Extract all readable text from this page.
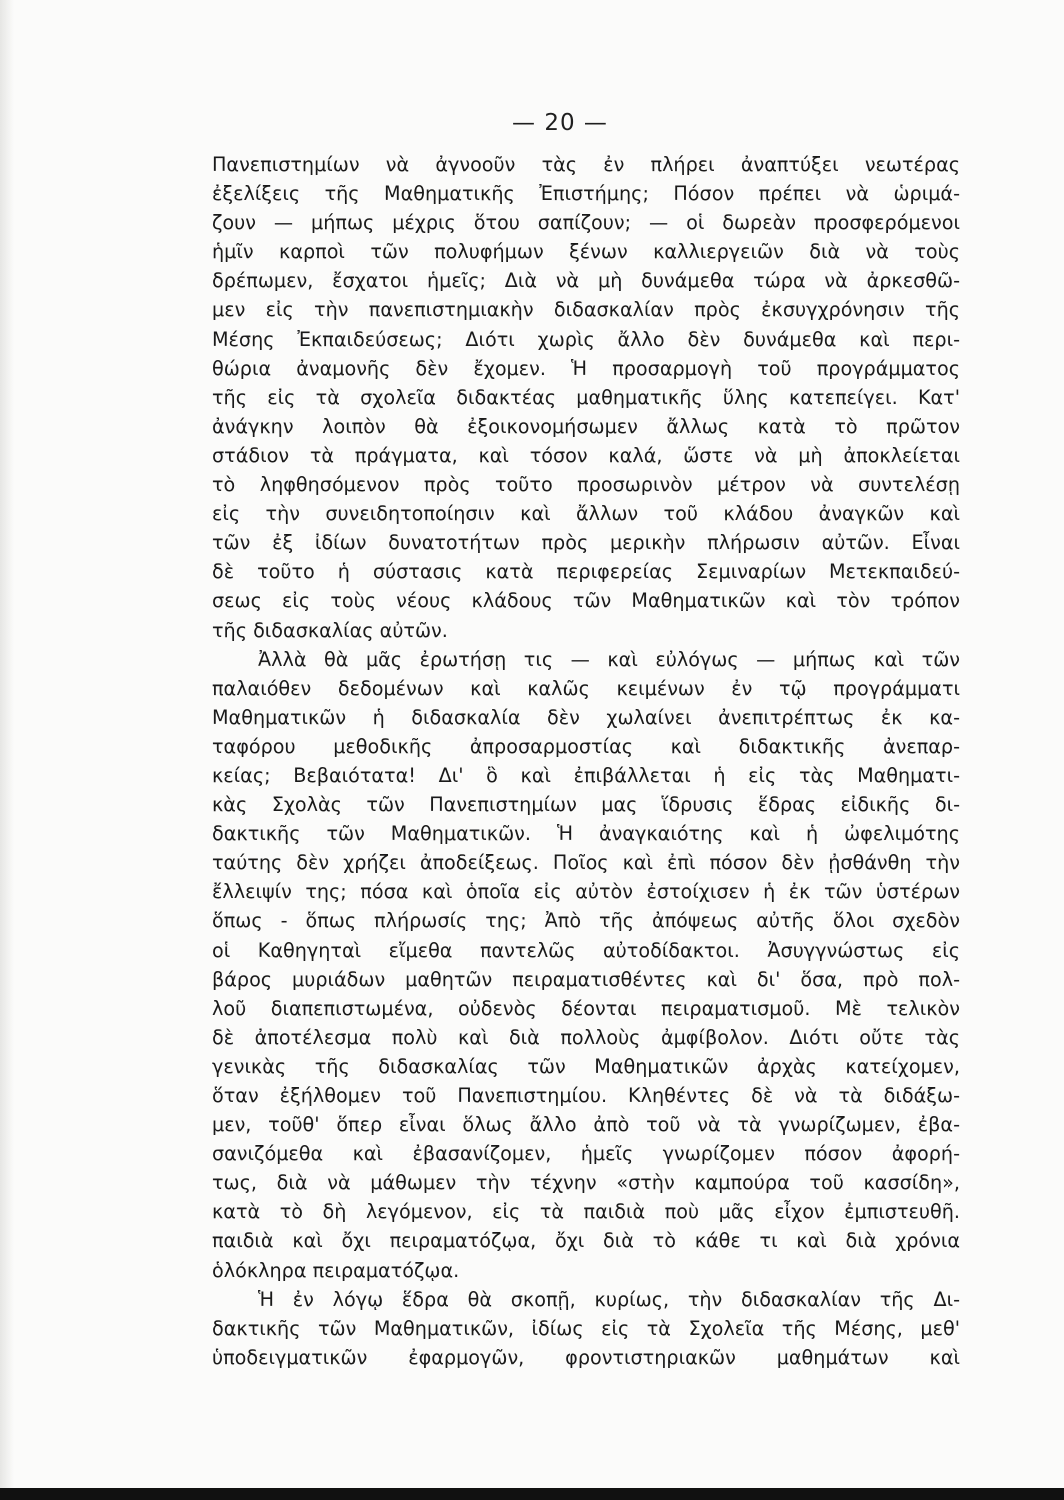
— 20 —
Πανεπιστημίων νὰ ἀγνοοῦν τὰς ἐν πλήρει ἀναπτύξει νεωτέρας
ἐξελίξεις τῆς Μαθηματικῆς Ἐπιστήμης; Πόσον πρέπει νὰ ὡριμά-
ζουν — μήπως μέχρις ὅτου σαπίζουν; — οἱ δωρεὰν προσφερόμενοι
ἡμῖν καρποὶ τῶν πολυφήμων ξένων καλλιεργειῶν διὰ νὰ τοὺς
δρέπωμεν, ἔσχατοι ἡμεῖς; Διὰ νὰ μὴ δυνάμεθα τώρα νὰ ἀρκεσθῶ-
μεν εἰς τὴν πανεπιστημιακὴν διδασκαλίαν πρὸς ἐκσυγχρόνησιν τῆς
Μέσης Ἐκπαιδεύσεως; Διότι χωρὶς ἄλλο δὲν δυνάμεθα καὶ περι-
θώρια ἀναμονῆς δὲν ἔχομεν. Ἡ προσαρμογὴ τοῦ προγράμματος
τῆς εἰς τὰ σχολεῖα διδακτέας μαθηματικῆς ὕλης κατεπείγει. Κατ'
ἀνάγκην λοιπὸν θὰ ἐξοικονομήσωμεν ἄλλως κατὰ τὸ πρῶτον
στάδιον τὰ πράγματα, καὶ τόσον καλά, ὥστε νὰ μὴ ἀποκλείεται
τὸ ληφθησόμενον πρὸς τοῦτο προσωρινὸν μέτρον νὰ συντελέσῃ
εἰς τὴν συνειδητοποίησιν καὶ ἄλλων τοῦ κλάδου ἀναγκῶν καὶ
τῶν ἐξ ἰδίων δυνατοτήτων πρὸς μερικὴν πλήρωσιν αὐτῶν. Εἶναι
δὲ τοῦτο ἡ σύστασις κατὰ περιφερείας Σεμιναρίων Μετεκπαιδεύ-
σεως εἰς τοὺς νέους κλάδους τῶν Μαθηματικῶν καὶ τὸν τρόπον
τῆς διδασκαλίας αὐτῶν.
Ἀλλὰ θὰ μᾶς ἐρωτήσῃ τις — καὶ εὐλόγως — μήπως καὶ τῶν
παλαιόθεν δεδομένων καὶ καλῶς κειμένων ἐν τῷ προγράμματι
Μαθηματικῶν ἡ διδασκαλία δὲν χωλαίνει ἀνεπιτρέπτως ἐκ κα-
ταφόρου μεθοδικῆς ἀπροσαρμοστίας καὶ διδακτικῆς ἀνεπαρ-
κείας; Βεβαιότατα! Δι' ὃ καὶ ἐπιβάλλεται ἡ εἰς τὰς Μαθηματι-
κὰς Σχολὰς τῶν Πανεπιστημίων μας ἵδρυσις ἕδρας εἰδικῆς δι-
δακτικῆς τῶν Μαθηματικῶν. Ἡ ἀναγκαιότης καὶ ἡ ὠφελιμότης
ταύτης δὲν χρήζει ἀποδείξεως. Ποῖος καὶ ἐπὶ πόσον δὲν ᾐσθάνθη τὴν
ἔλλειψίν της; πόσα καὶ ὁποῖα εἰς αὐτὸν ἐστοίχισεν ἡ ἐκ τῶν ὑστέρων
ὅπως - ὅπως πλήρωσίς της; Ἀπὸ τῆς ἀπόψεως αὐτῆς ὅλοι σχεδὸν
οἱ Καθηγηταὶ εἴμεθα παντελῶς αὐτοδίδακτοι. Ἀσυγγνώστως εἰς
βάρος μυριάδων μαθητῶν πειραματισθέντες καὶ δι' ὅσα, πρὸ πολ-
λοῦ διαπεπιστωμένα, οὐδενὸς δέονται πειραματισμοῦ. Μὲ τελικὸν
δὲ ἀποτέλεσμα πολὺ καὶ διὰ πολλοὺς ἀμφίβολον. Διότι οὔτε τὰς
γενικὰς τῆς διδασκαλίας τῶν Μαθηματικῶν ἀρχὰς κατείχομεν,
ὅταν ἐξήλθομεν τοῦ Πανεπιστημίου. Κληθέντες δὲ νὰ τὰ διδάξω-
μεν, τοῦθ' ὅπερ εἶναι ὅλως ἄλλο ἀπὸ τοῦ νὰ τὰ γνωρίζωμεν, ἐβα-
σανιζόμεθα καὶ ἐβασανίζομεν, ἡμεῖς γνωρίζομεν πόσον ἀφορή-
τως, διὰ νὰ μάθωμεν τὴν τέχνην «στὴν καμπούρα τοῦ κασσίδη»,
κατὰ τὸ δὴ λεγόμενον, εἰς τὰ παιδιὰ ποὺ μᾶς εἶχον ἐμπιστευθῆ.
παιδιὰ καὶ ὄχι πειραματόζῳα, ὄχι διὰ τὸ κάθε τι καὶ διὰ χρόνια
ὁλόκληρα πειραματόζῳα.
Ἡ ἐν λόγῳ ἕδρα θὰ σκοπῇ, κυρίως, τὴν διδασκαλίαν τῆς Δι-
δακτικῆς τῶν Μαθηματικῶν, ἰδίως εἰς τὰ Σχολεῖα τῆς Μέσης, μεθ'
ὑποδειγματικῶν ἐφαρμογῶν, φροντιστηριακῶν μαθημάτων καὶ
